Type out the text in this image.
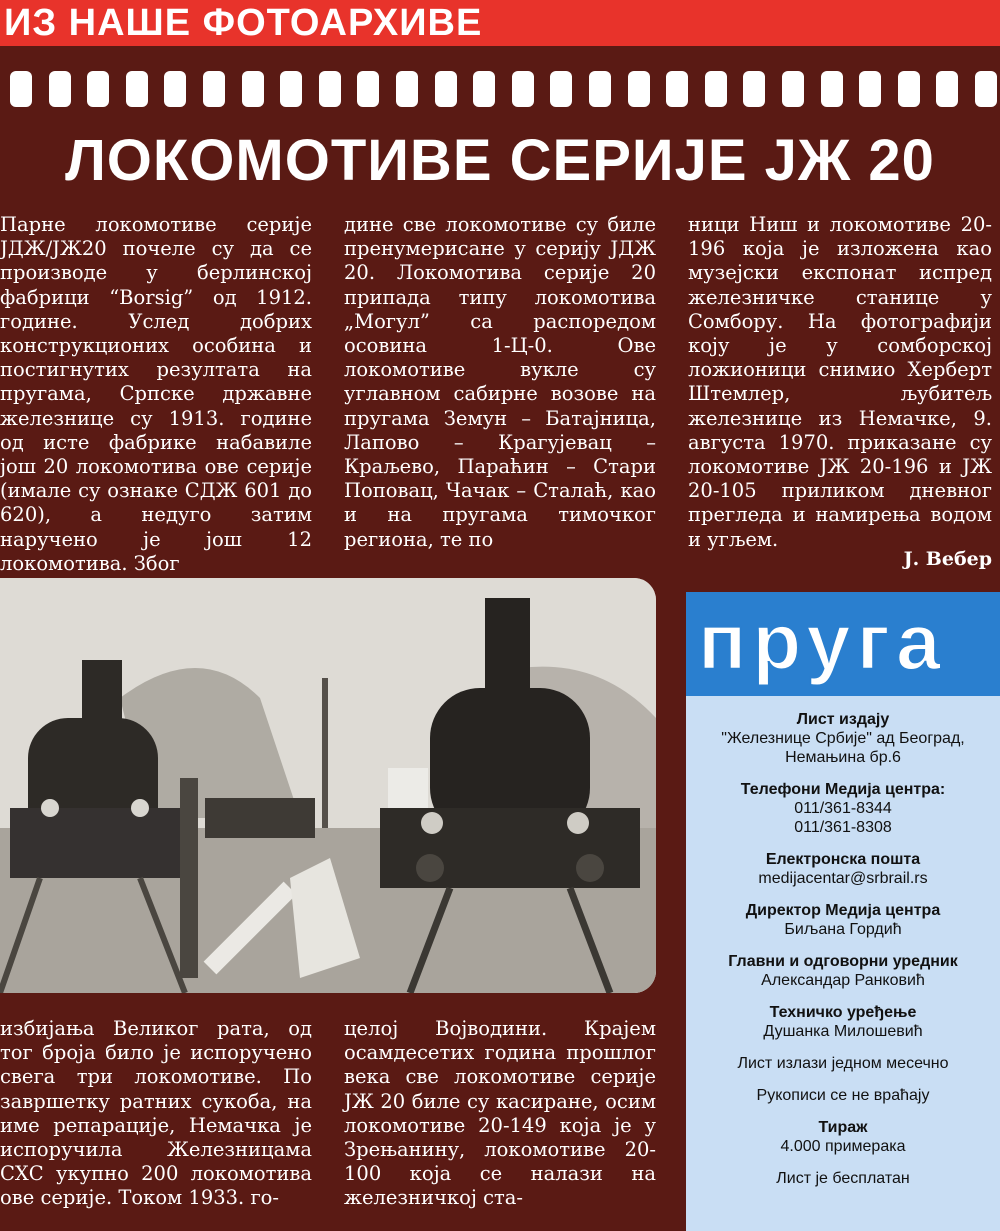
ИЗ НАШЕ ФОТОАРХИВЕ
ЛОКОМОТИВЕ СЕРИЈЕ ЈЖ 20

Парне локомотиве серије ЈДЖ/ЈЖ20 почеле су да се производе у берлинској фабрици “Borsig” од 1912. године. Услед добрих конструкционих особина и постигнутих резултата на пругама, Српске државне железнице су 1913. године од исте фабрике набавиле још 20 локомотива ове серије (имале су ознаке СДЖ 601 до 620), а недуго затим наручено је још 12 локомотива. Због

дине све локомотиве су биле пренумерисане у серију ЈДЖ 20. Локомотива серије 20 припада типу локомотива „Могул” са распоредом осовина 1-Ц-0. Ове локомотиве вукле су углавном сабирне возове на пругама Земун – Батајница, Лапово – Крагујевац – Краљево, Параћин – Стари Поповац, Чачак – Сталаћ, као и на пругама тимочког региона, те по

ници Ниш и локомотиве 20-196 која је изложена као музејски експонат испред железничке станице у Сомбору. На фотографији коју је у сомборској ложионици снимио Херберт Штемлер, љубитељ железнице из Немачке, 9. августа 1970. приказане су локомотиве ЈЖ 20-196 и ЈЖ 20-105 приликом дневног прегледа и намирења водом и угљем.

Ј. Вебер

избијања Великог рата, од тог броја било је испоручено свега три локомотиве. По завршетку ратних сукоба, на име репарације, Немачка је испоручила Железницама СХС укупно 200 локомотива ове серије. Током 1933. го-

целој Војводини. Крајем осамдесетих година прошлог века све локомотиве серије ЈЖ 20 биле су касиране, осим локомотиве 20-149 која је у Зрењанину, локомотиве 20-100 која се налази на железничкој ста-

пруга
Лист издају
"Железнице Србије" ад Београд,
Немањина бр.6
Телефони Медија центра:
011/361-8344
011/361-8308
Електронска пошта
medijacentar@srbrail.rs
Директор Медија центра
Биљана Гордић
Главни и одговорни уредник
Александар Ранковић
Техничко уређење
Душанка Милошевић
Лист излази једном месечно
Рукописи се не враћају
Тираж
4.000 примерака
Лист је бесплатан
